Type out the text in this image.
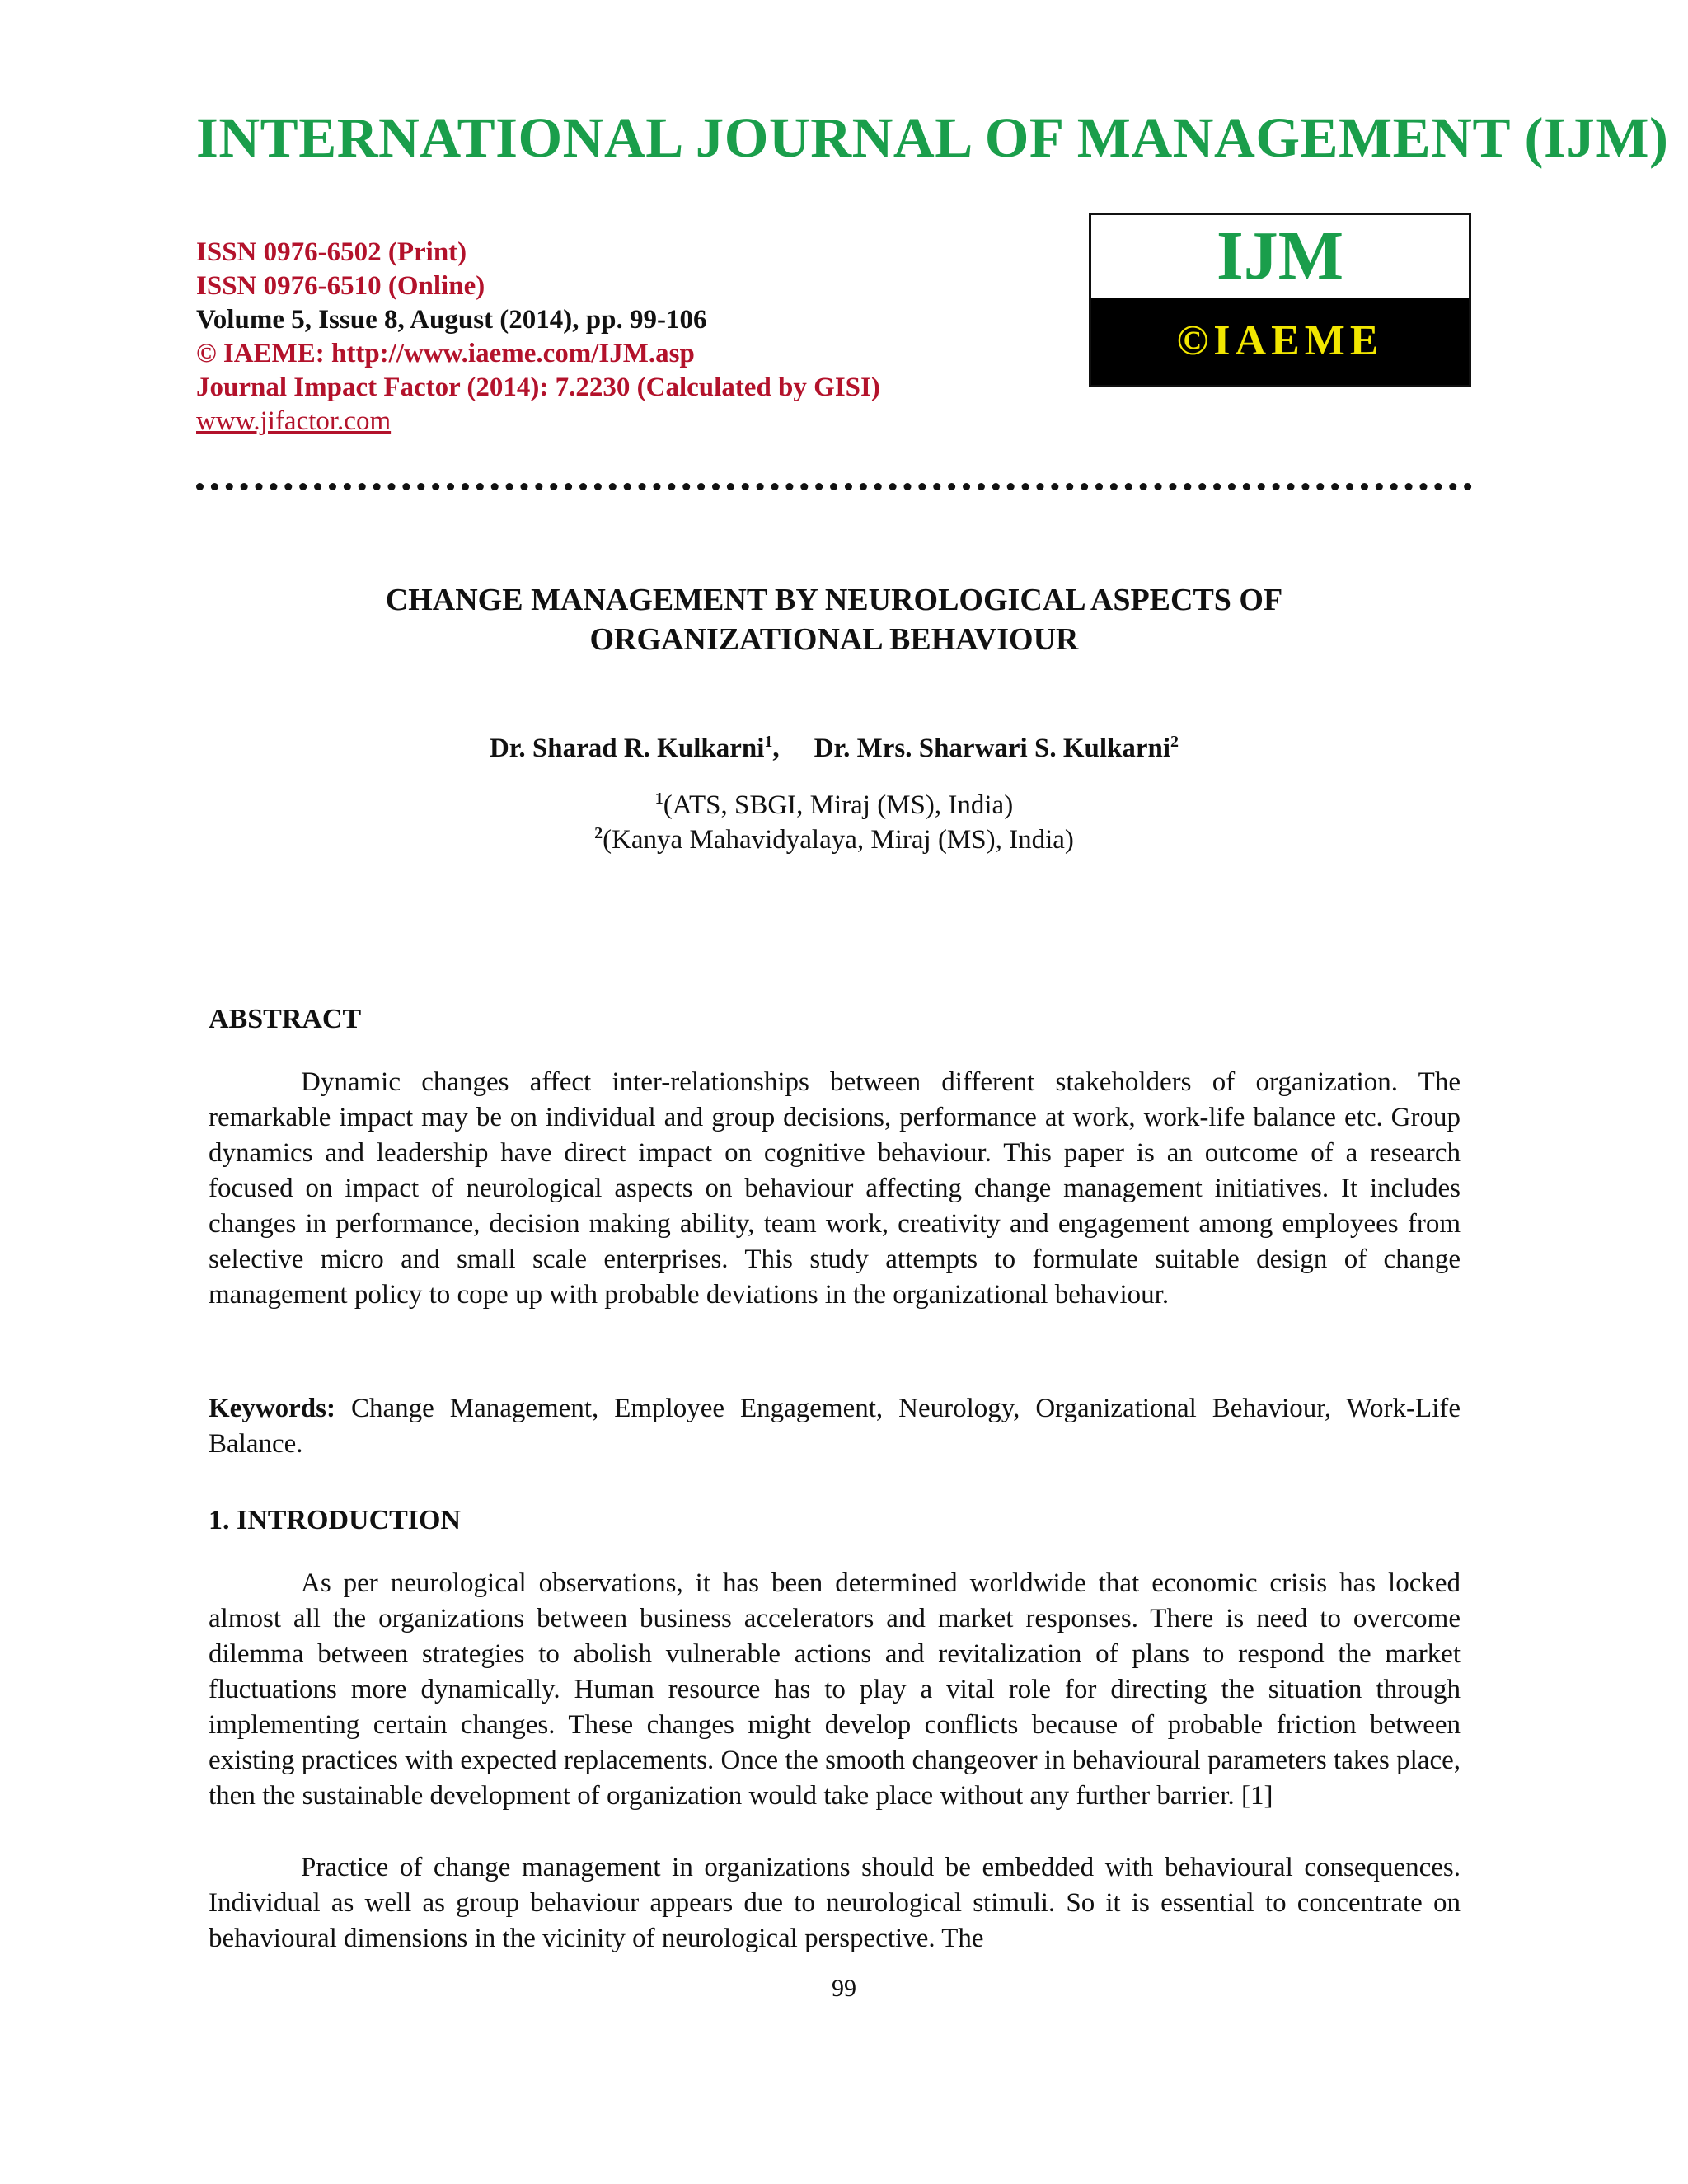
INTERNATIONAL JOURNAL OF MANAGEMENT (IJM)
ISSN 0976-6502 (Print)
ISSN 0976-6510 (Online)
Volume 5, Issue 8, August (2014), pp. 99-106
© IAEME: http://www.iaeme.com/IJM.asp
Journal Impact Factor (2014): 7.2230 (Calculated by GISI)
www.jifactor.com
IJM
©IAEME
CHANGE MANAGEMENT BY NEUROLOGICAL ASPECTS OF
ORGANIZATIONAL BEHAVIOUR
Dr. Sharad R. Kulkarni$^1$, Dr. Mrs. Sharwari S. Kulkarni$^2$
$^1$(ATS, SBGI, Miraj (MS), India)
$^2$(Kanya Mahavidyalaya, Miraj (MS), India)
ABSTRACT
Dynamic changes affect inter-relationships between different stakeholders of organization. The remarkable impact may be on individual and group decisions, performance at work, work-life balance etc. Group dynamics and leadership have direct impact on cognitive behaviour. This paper is an outcome of a research focused on impact of neurological aspects on behaviour affecting change management initiatives. It includes changes in performance, decision making ability, team work, creativity and engagement among employees from selective micro and small scale enterprises. This study attempts to formulate suitable design of change management policy to cope up with probable deviations in the organizational behaviour.
Keywords: Change Management, Employee Engagement, Neurology, Organizational Behaviour, Work-Life Balance.
1. INTRODUCTION
As per neurological observations, it has been determined worldwide that economic crisis has locked almost all the organizations between business accelerators and market responses. There is need to overcome dilemma between strategies to abolish vulnerable actions and revitalization of plans to respond the market fluctuations more dynamically. Human resource has to play a vital role for directing the situation through implementing certain changes. These changes might develop conflicts because of probable friction between existing practices with expected replacements. Once the smooth changeover in behavioural parameters takes place, then the sustainable development of organization would take place without any further barrier. [1]
Practice of change management in organizations should be embedded with behavioural consequences. Individual as well as group behaviour appears due to neurological stimuli. So it is essential to concentrate on behavioural dimensions in the vicinity of neurological perspective. The
99
